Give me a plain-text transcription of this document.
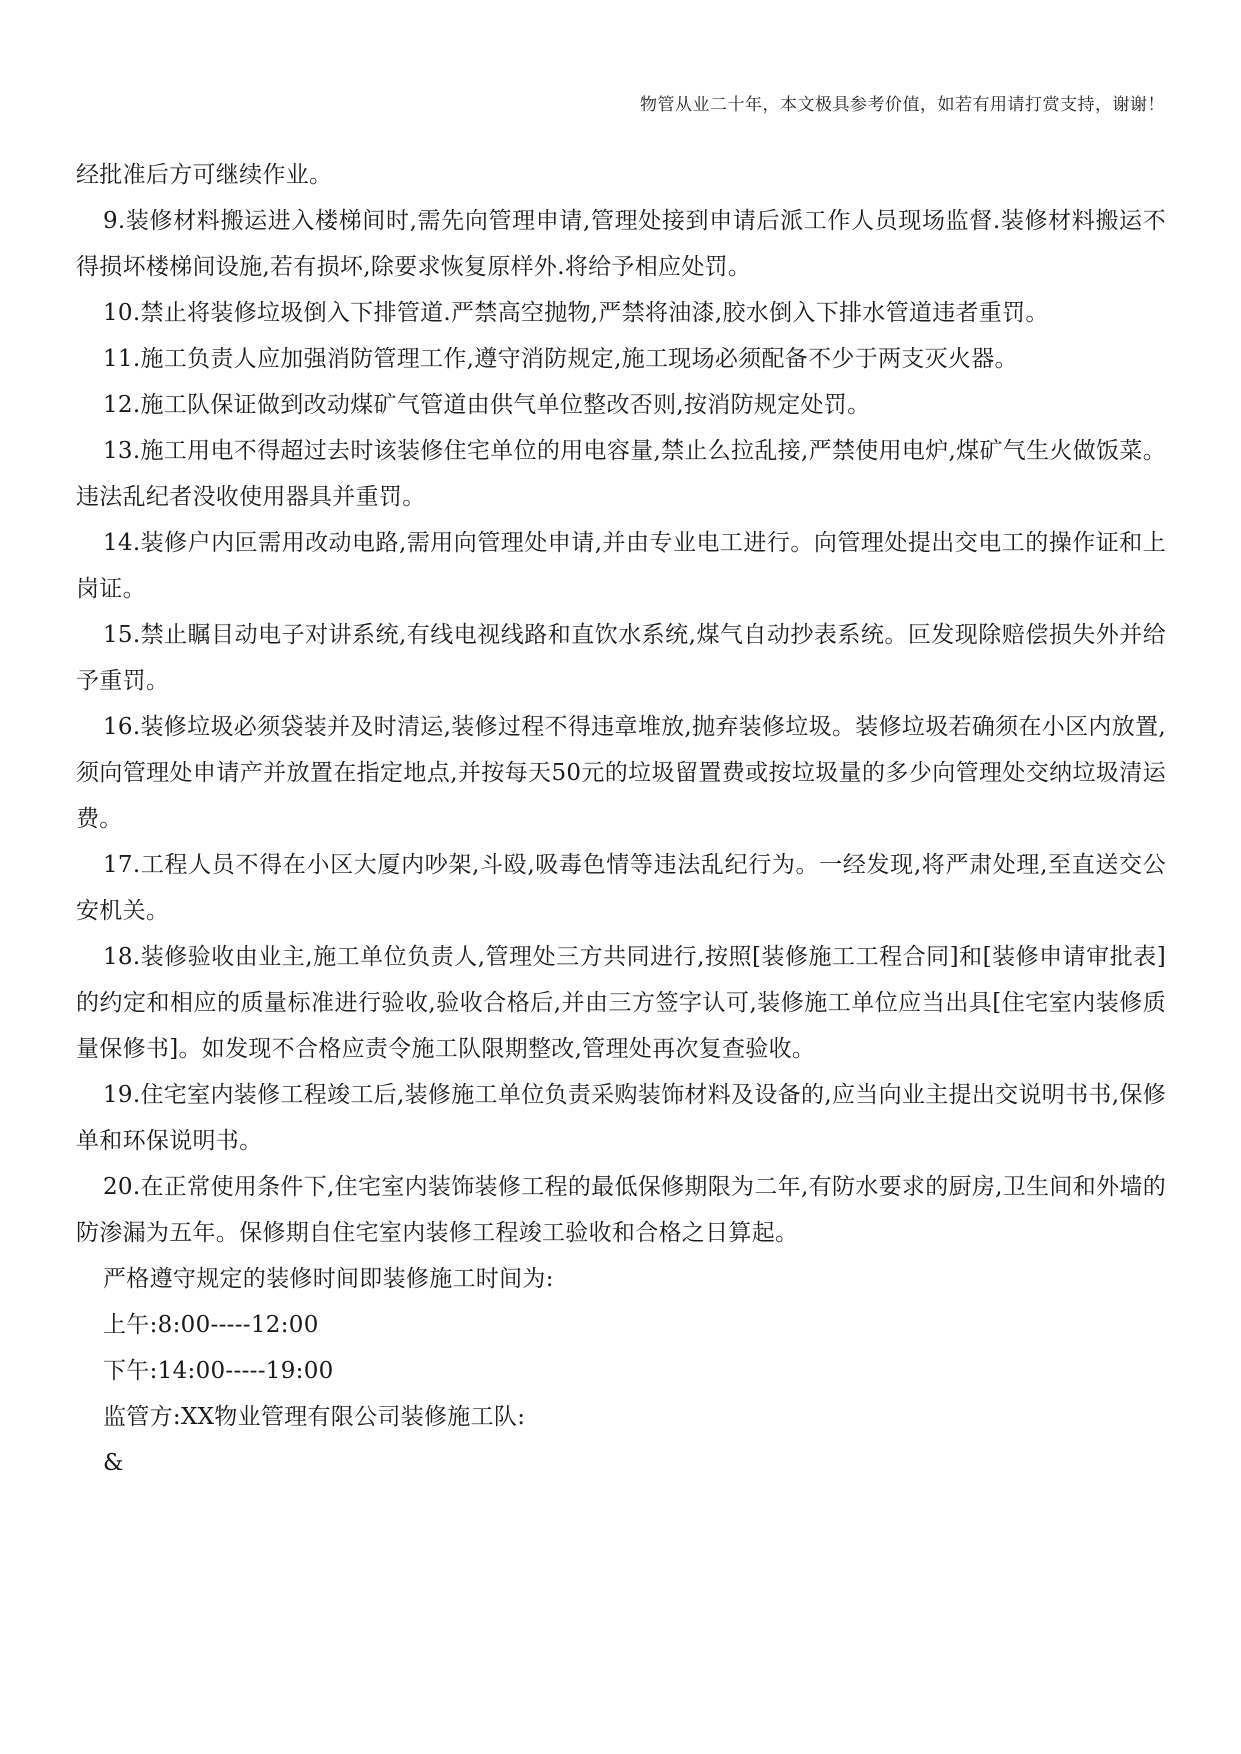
物管从业二十年，本文极具参考价值，如若有用请打赏支持，谢谢！

经批准后方可继续作业。

9.装修材料搬运进入楼梯间时,需先向管理申请,管理处接到申请后派工作人员现场监督.装修材料搬运不得损坏楼梯间设施,若有损坏,除要求恢复原样外.将给予相应处罚。

10.禁止将装修垃圾倒入下排管道.严禁高空抛物,严禁将油漆,胶水倒入下排水管道违者重罚。

11.施工负责人应加强消防管理工作,遵守消防规定,施工现场必须配备不少于两支灭火器。

12.施工队保证做到改动煤矿气管道由供气单位整改否则,按消防规定处罚。

13.施工用电不得超过去时该装修住宅单位的用电容量,禁止么拉乱接,严禁使用电炉,煤矿气生火做饭菜。违法乱纪者没收使用器具并重罚。

14.装修户内叵需用改动电路,需用向管理处申请,并由专业电工进行。向管理处提出交电工的操作证和上岗证。

15.禁止瞩目动电子对讲系统,有线电视线路和直饮水系统,煤气自动抄表系统。叵发现除赔偿损失外并给予重罚。

16.装修垃圾必须袋装并及时清运,装修过程不得违章堆放,抛弃装修垃圾。装修垃圾若确须在小区内放置,须向管理处申请产并放置在指定地点,并按每天50元的垃圾留置费或按垃圾量的多少向管理处交纳垃圾清运费。

17.工程人员不得在小区大厦内吵架,斗殴,吸毒色情等违法乱纪行为。一经发现,将严肃处理,至直送交公安机关。

18.装修验收由业主,施工单位负责人,管理处三方共同进行,按照[装修施工工程合同]和[装修申请审批表]的约定和相应的质量标准进行验收,验收合格后,并由三方签字认可,装修施工单位应当出具[住宅室内装修质量保修书]。如发现不合格应责令施工队限期整改,管理处再次复查验收。

19.住宅室内装修工程竣工后,装修施工单位负责采购装饰材料及设备的,应当向业主提出交说明书书,保修单和环保说明书。

20.在正常使用条件下,住宅室内装饰装修工程的最低保修期限为二年,有防水要求的厨房,卫生间和外墙的防渗漏为五年。保修期自住宅室内装修工程竣工验收和合格之日算起。

严格遵守规定的装修时间即装修施工时间为:

上午:8:00-----12:00

下午:14:00-----19:00

监管方:XX物业管理有限公司装修施工队:

&
